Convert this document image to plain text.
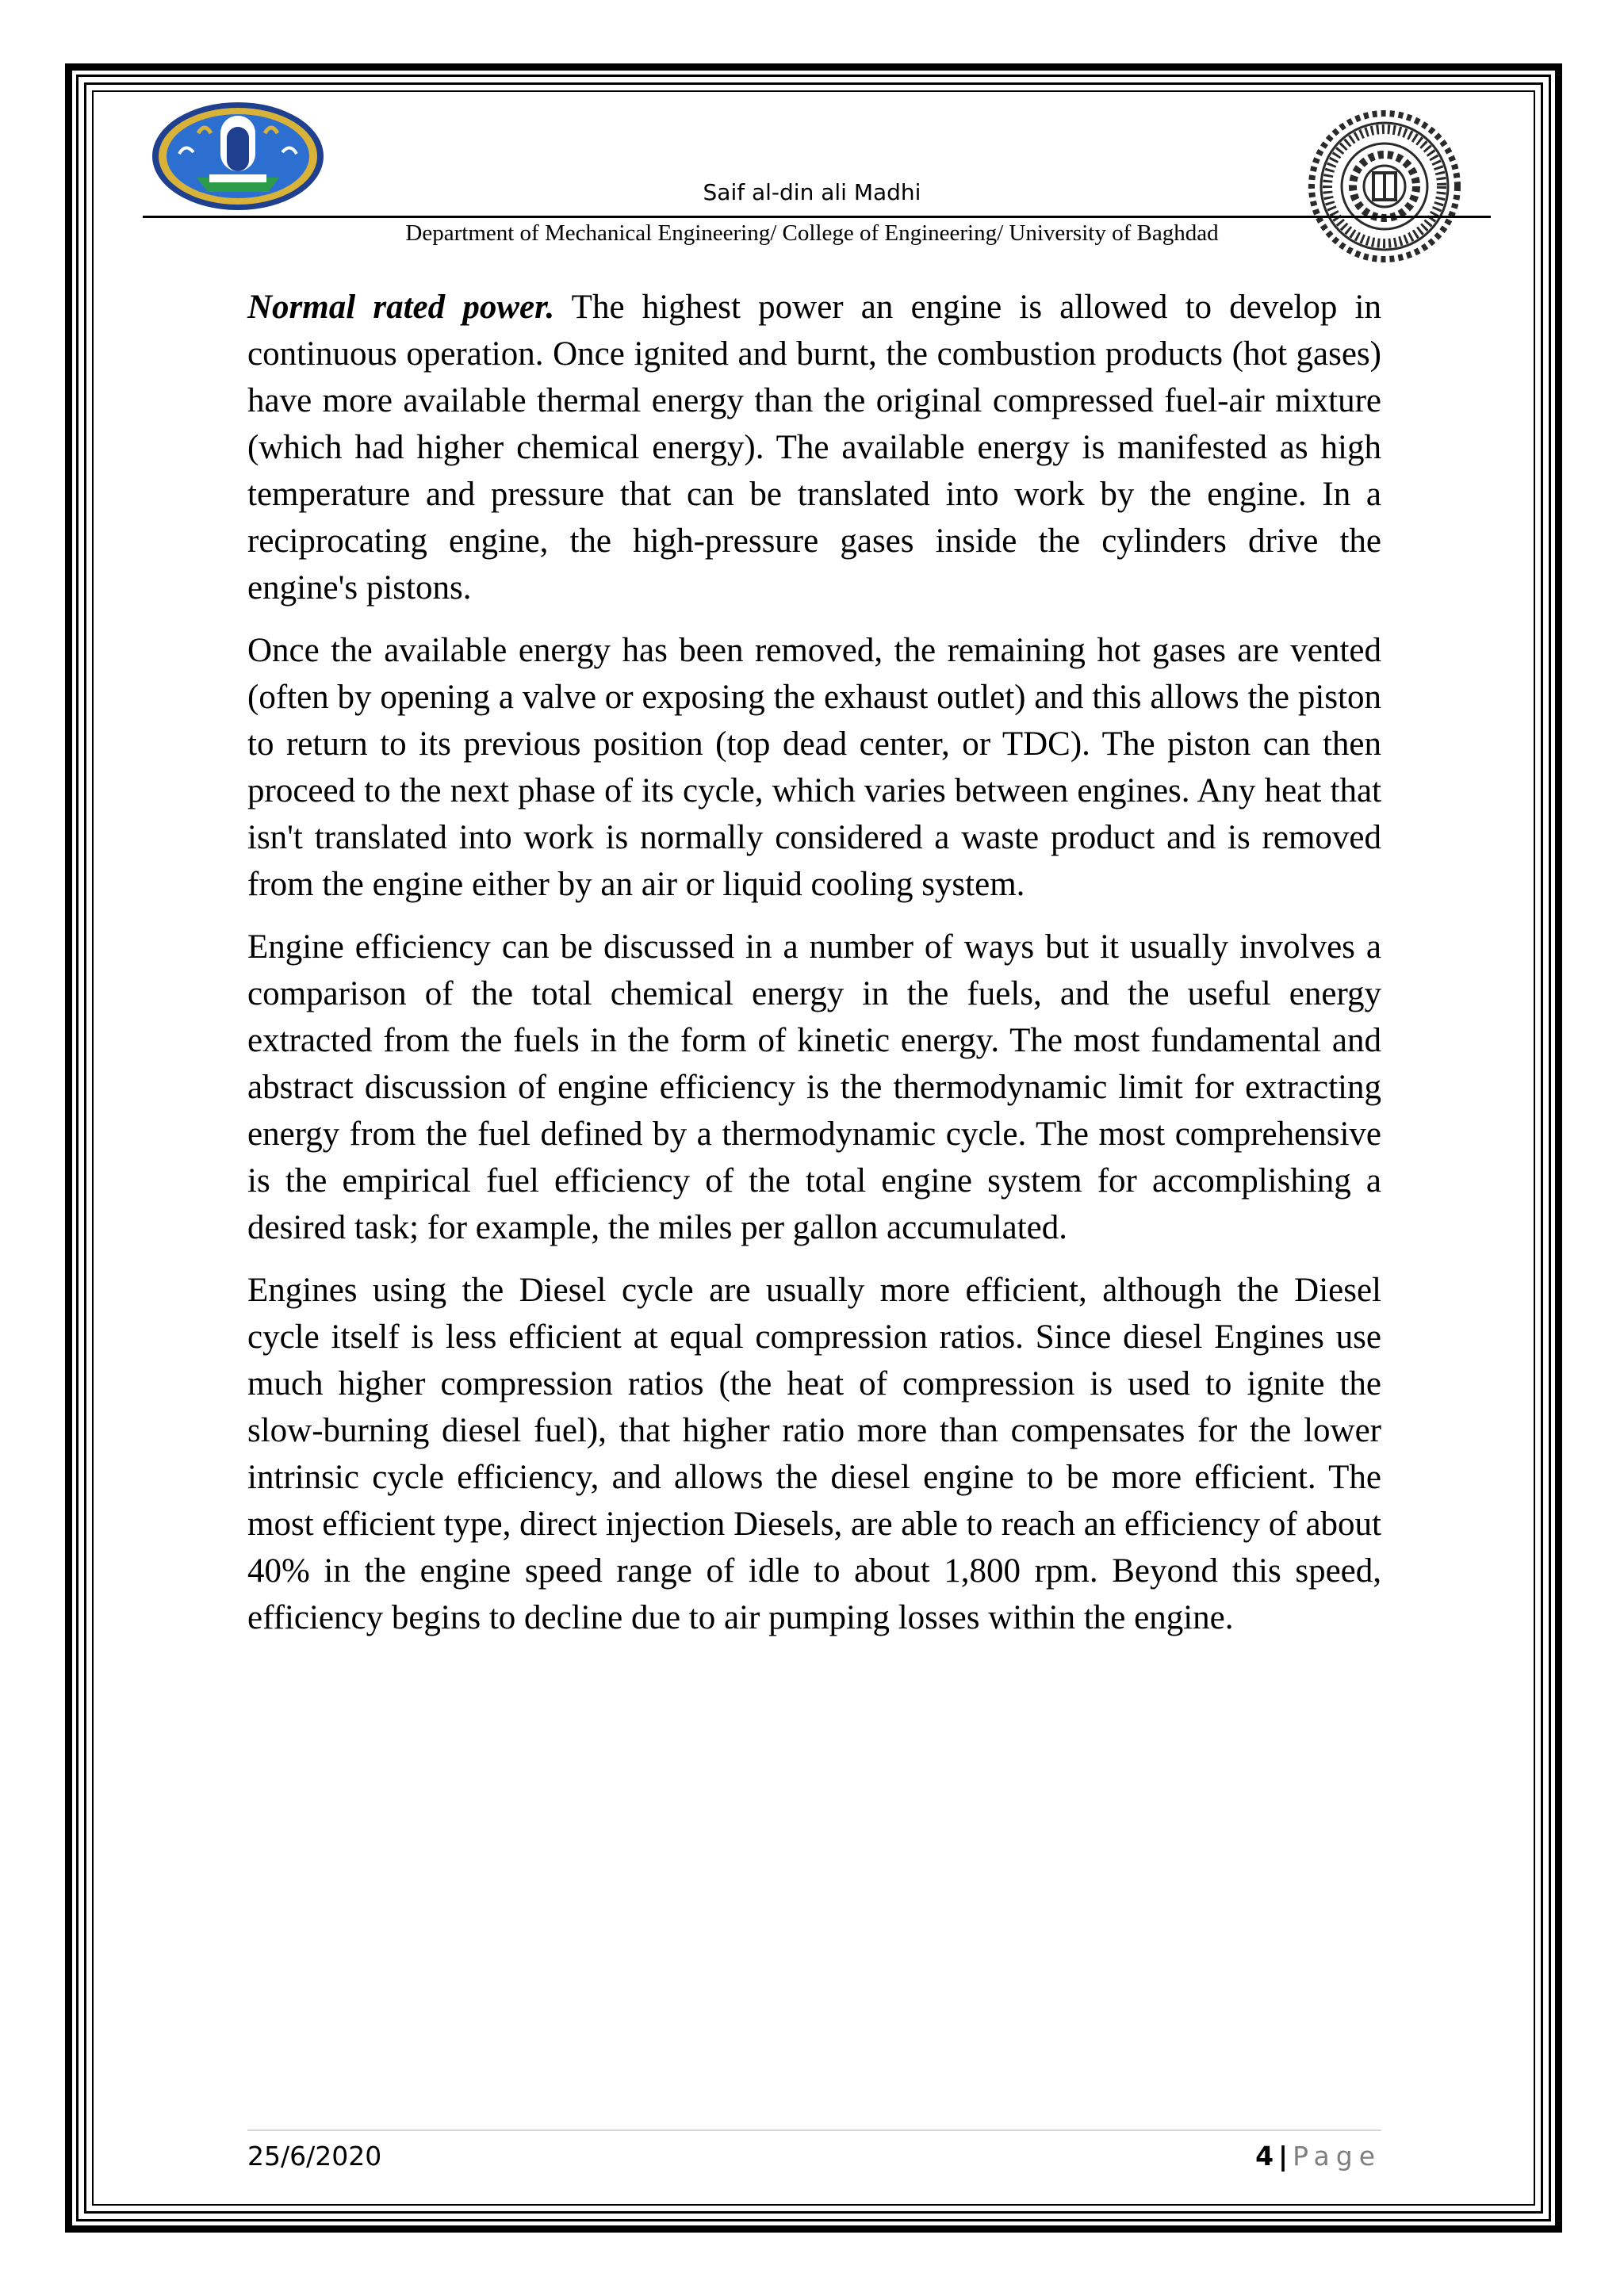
Saif al-din ali Madhi
Department of Mechanical Engineering/ College of Engineering/ University of Baghdad

Normal rated power. The highest power an engine is allowed to develop in continuous operation. Once ignited and burnt, the combustion products (hot gases) have more available thermal energy than the original compressed fuel-air mixture (which had higher chemical energy). The available energy is manifested as high temperature and pressure that can be translated into work by the engine. In a reciprocating engine, the high-pressure gases inside the cylinders drive the engine's pistons.

Once the available energy has been removed, the remaining hot gases are vented (often by opening a valve or exposing the exhaust outlet) and this allows the piston to return to its previous position (top dead center, or TDC). The piston can then proceed to the next phase of its cycle, which varies between engines. Any heat that isn't translated into work is normally considered a waste product and is removed from the engine either by an air or liquid cooling system.

Engine efficiency can be discussed in a number of ways but it usually involves a comparison of the total chemical energy in the fuels, and the useful energy extracted from the fuels in the form of kinetic energy. The most fundamental and abstract discussion of engine efficiency is the thermodynamic limit for extracting energy from the fuel defined by a thermodynamic cycle. The most comprehensive is the empirical fuel efficiency of the total engine system for accomplishing a desired task; for example, the miles per gallon accumulated.

Engines using the Diesel cycle are usually more efficient, although the Diesel cycle itself is less efficient at equal compression ratios. Since diesel Engines use much higher compression ratios (the heat of compression is used to ignite the slow-burning diesel fuel), that higher ratio more than compensates for the lower intrinsic cycle efficiency, and allows the diesel engine to be more efficient. The most efficient type, direct injection Diesels, are able to reach an efficiency of about 40% in the engine speed range of idle to about 1,800 rpm. Beyond this speed, efficiency begins to decline due to air pumping losses within the engine.

25/6/2020	4 | Page
